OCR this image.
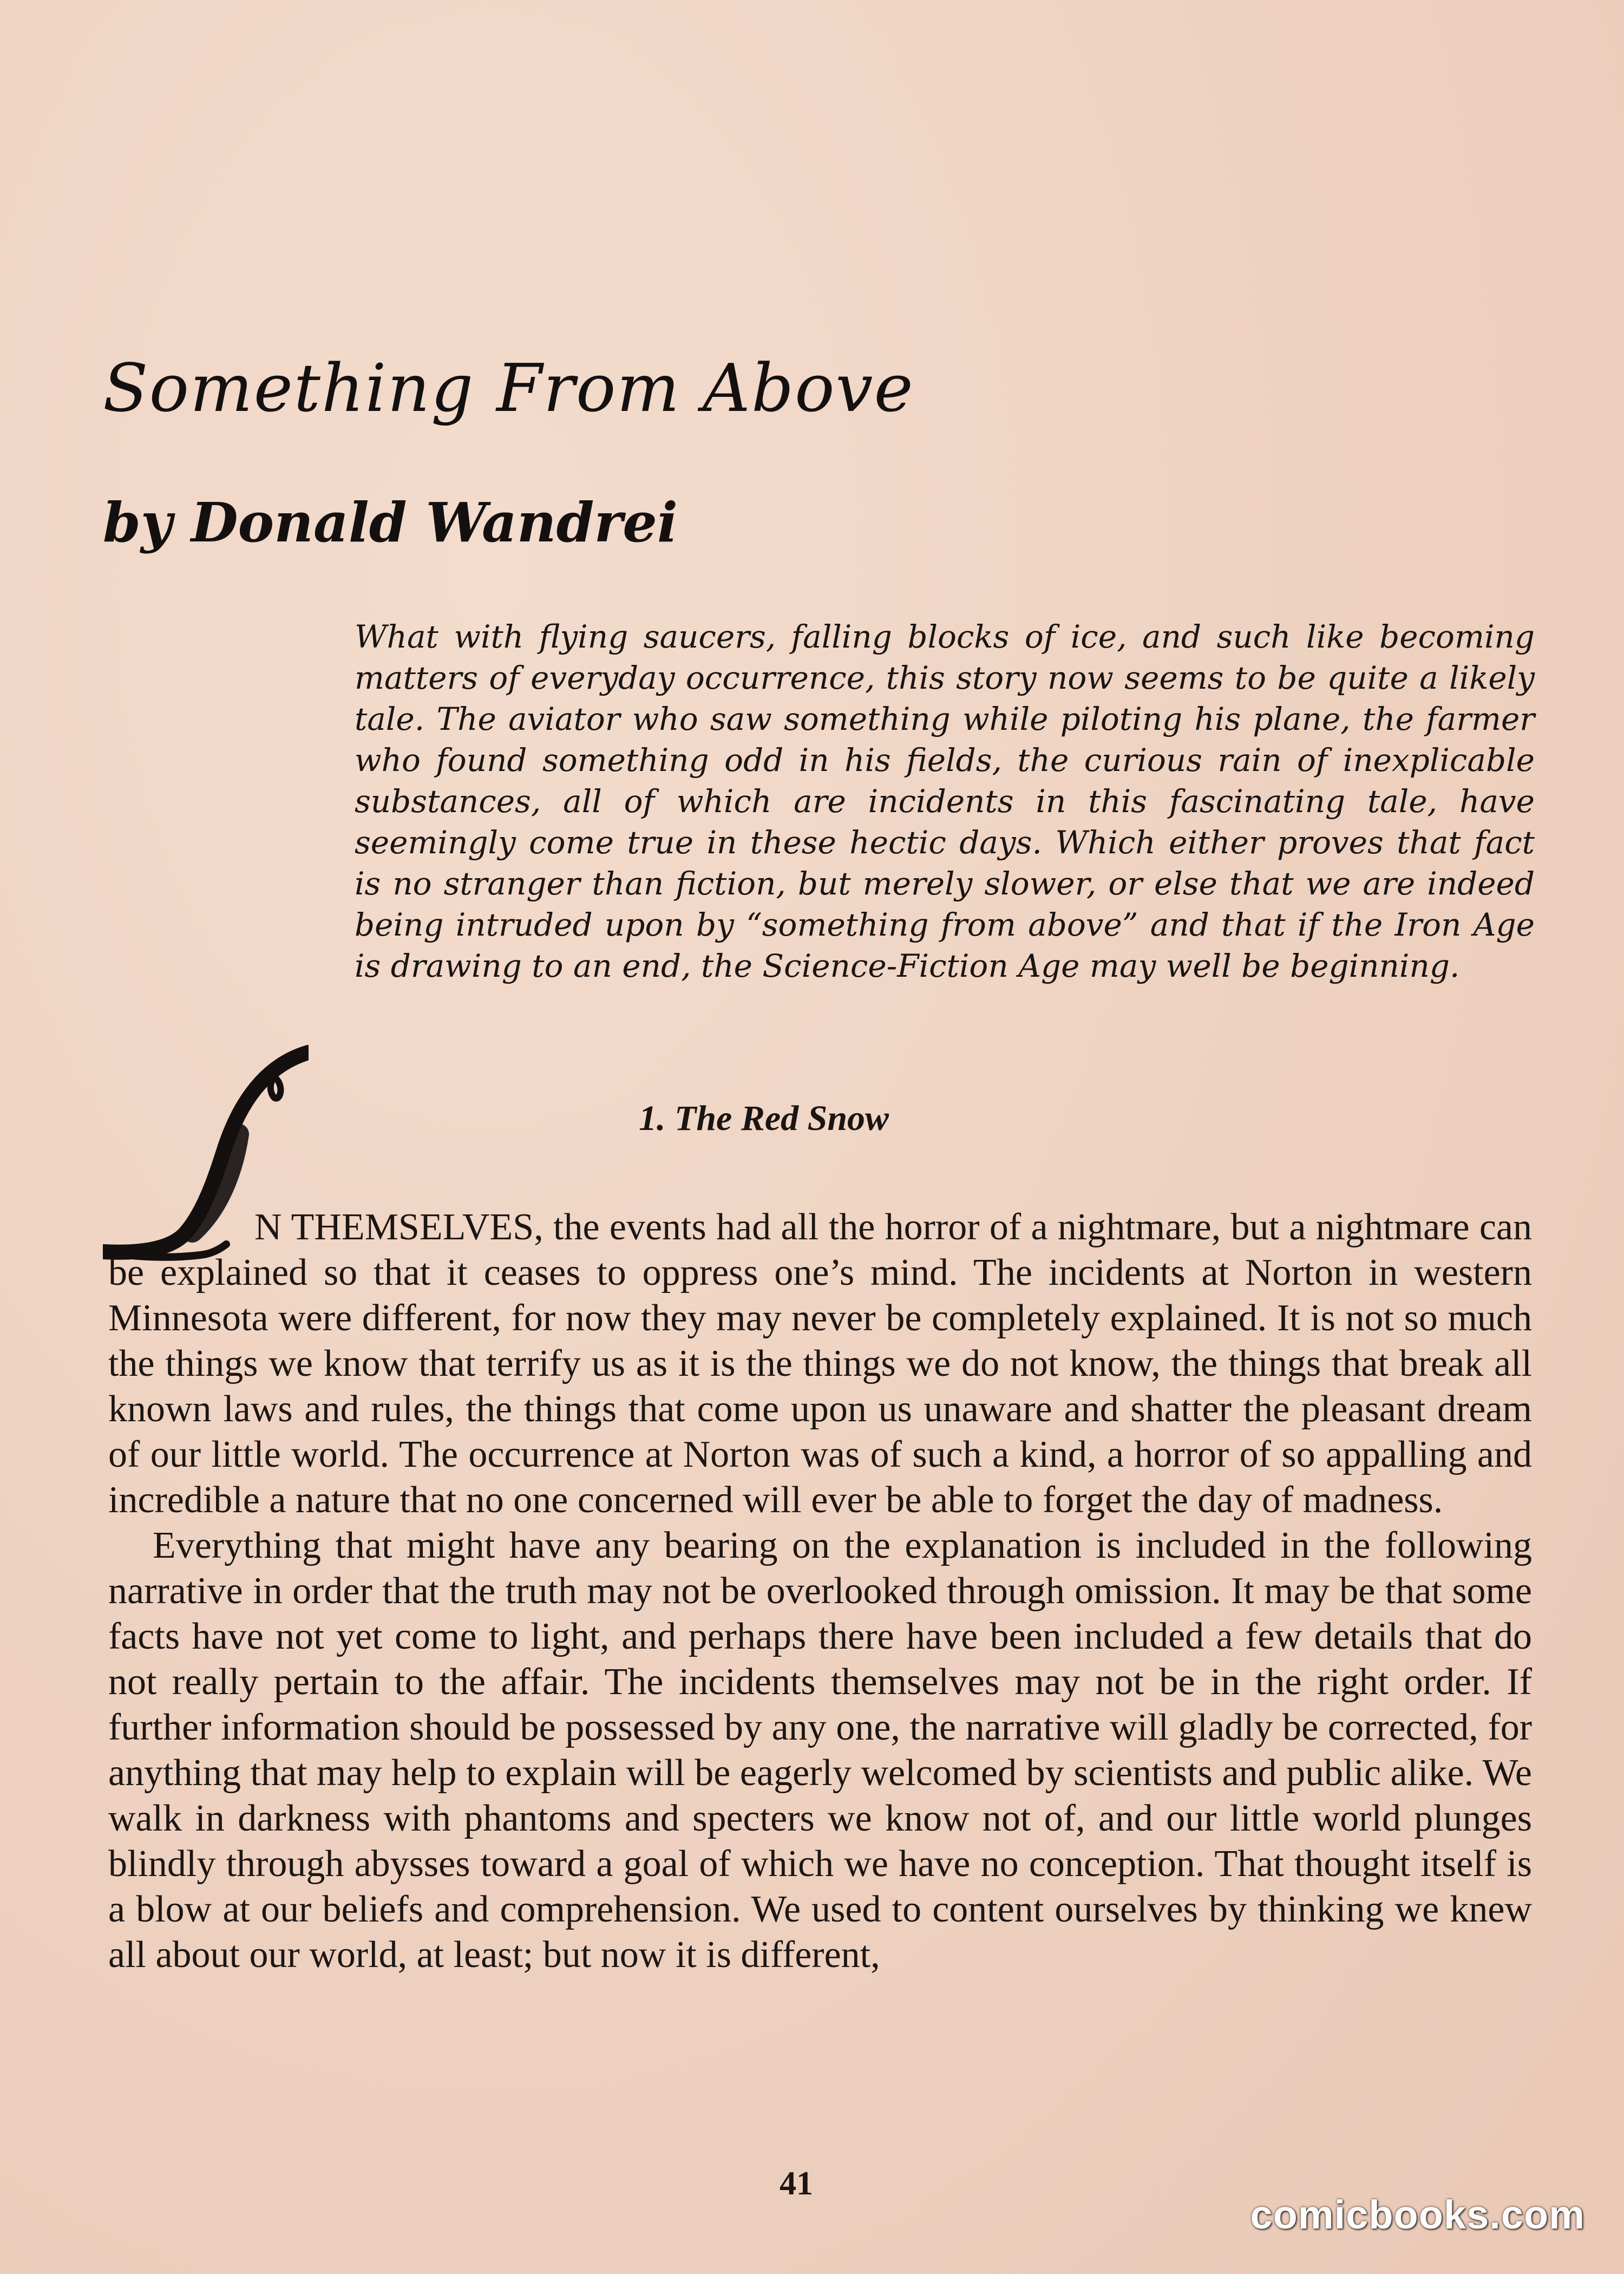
Something From Above
by Donald Wandrei

What with flying saucers, falling blocks of ice, and such like becoming matters of everyday occurrence, this story now seems to be quite a likely tale. The aviator who saw something while piloting his plane, the farmer who found something odd in his fields, the curious rain of inexplicable substances, all of which are incidents in this fascinating tale, have seemingly come true in these hectic days. Which either proves that fact is no stranger than fiction, but merely slower, or else that we are indeed being intruded upon by “something from above” and that if the Iron Age is drawing to an end, the Science-Fiction Age may well be beginning.

1. The Red Snow

N THEMSELVES, the events had all the horror of a nightmare, but a nightmare can be explained so that it ceases to oppress one’s mind. The incidents at Norton in western Minnesota were different, for now they may never be completely explained. It is not so much the things we know that terrify us as it is the things we do not know, the things that break all known laws and rules, the things that come upon us unaware and shatter the pleasant dream of our little world. The occurrence at Norton was of such a kind, a horror of so appalling and incredible a nature that no one concerned will ever be able to forget the day of madness.

Everything that might have any bearing on the explanation is included in the following narrative in order that the truth may not be overlooked through omission. It may be that some facts have not yet come to light, and perhaps there have been included a few details that do not really pertain to the affair. The incidents themselves may not be in the right order. If further information should be possessed by any one, the narrative will gladly be corrected, for anything that may help to explain will be eagerly welcomed by scientists and public alike. We walk in darkness with phantoms and specters we know not of, and our little world plunges blindly through abysses toward a goal of which we have no conception. That thought itself is a blow at our beliefs and comprehension. We used to content ourselves by thinking we knew all about our world, at least; but now it is different,

41

comicbooks.com
